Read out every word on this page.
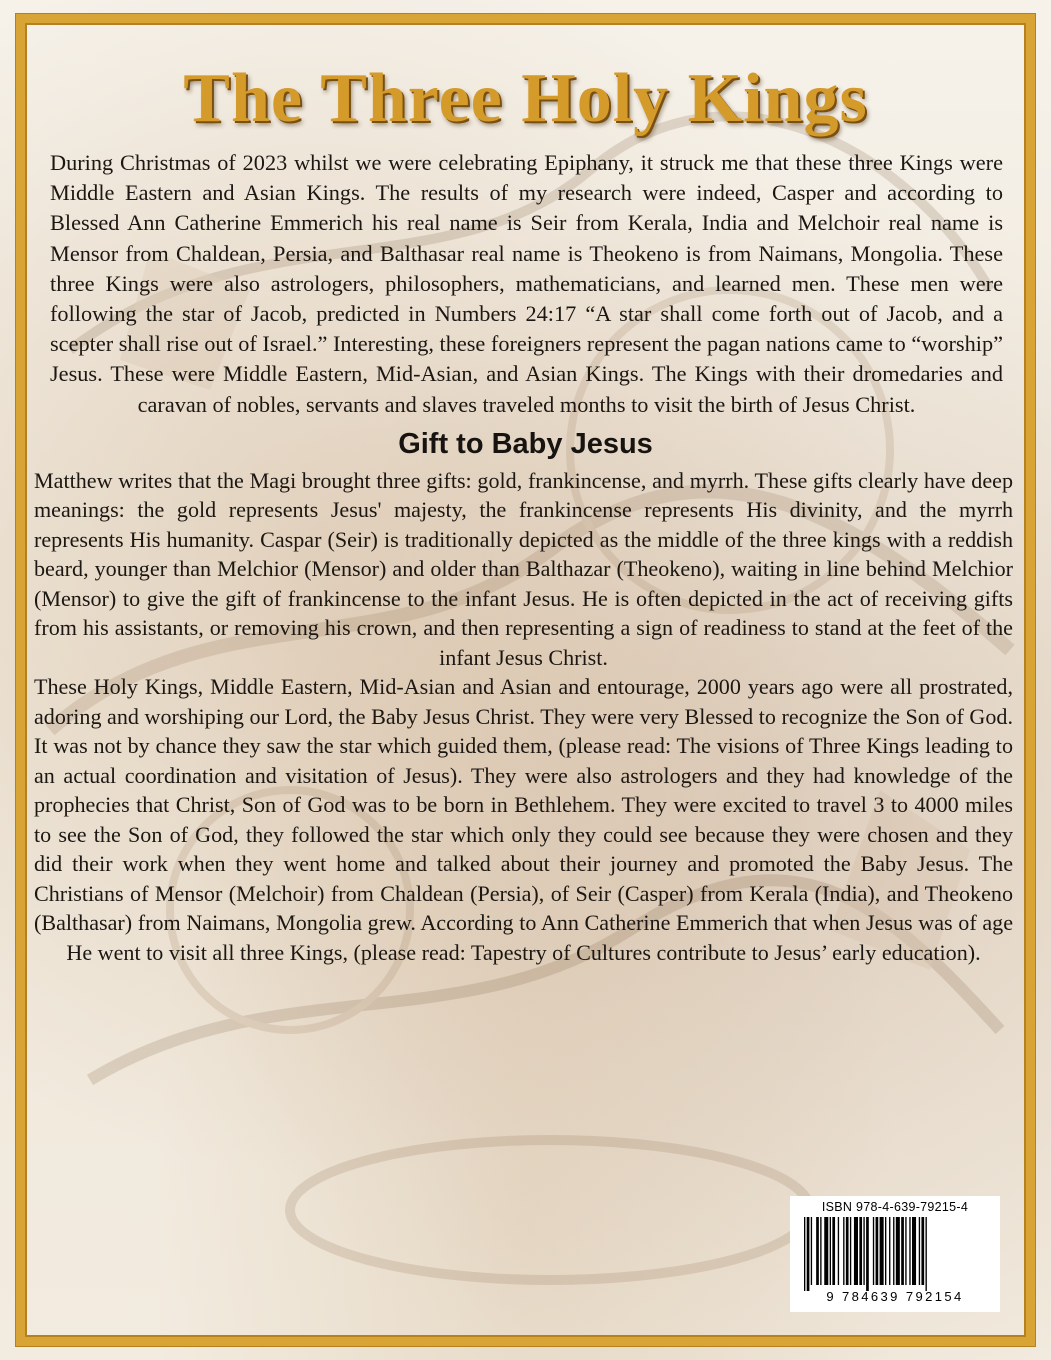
The Three Holy Kings

During Christmas of 2023 whilst we were celebrating Epiphany, it struck me that these three Kings were Middle Eastern and Asian Kings. The results of my research were indeed, Casper and according to Blessed Ann Catherine Emmerich his real name is Seir from Kerala, India and Melchoir real name is Mensor from Chaldean, Persia, and Balthasar real name is Theokeno is from Naimans, Mongolia. These three Kings were also astrologers, philosophers, mathematicians, and learned men. These men were following the star of Jacob, predicted in Numbers 24:17 “A star shall come forth out of Jacob, and a scepter shall rise out of Israel.” Interesting, these foreigners represent the pagan nations came to “worship” Jesus. These were Middle Eastern, Mid-Asian, and Asian Kings. The Kings with their dromedaries and caravan of nobles, servants and slaves traveled months to visit the birth of Jesus Christ.

Gift to Baby Jesus

Matthew writes that the Magi brought three gifts: gold, frankincense, and myrrh. These gifts clearly have deep meanings: the gold represents Jesus' majesty, the frankincense represents His divinity, and the myrrh represents His humanity. Caspar (Seir) is traditionally depicted as the middle of the three kings with a reddish beard, younger than Melchior (Mensor) and older than Balthazar (Theokeno), waiting in line behind Melchior (Mensor) to give the gift of frankincense to the infant Jesus. He is often depicted in the act of receiving gifts from his assistants, or removing his crown, and then representing a sign of readiness to stand at the feet of the infant Jesus Christ.

These Holy Kings, Middle Eastern, Mid-Asian and Asian and entourage, 2000 years ago were all prostrated, adoring and worshiping our Lord, the Baby Jesus Christ. They were very Blessed to recognize the Son of God. It was not by chance they saw the star which guided them, (please read: The visions of Three Kings leading to an actual coordination and visitation of Jesus). They were also astrologers and they had knowledge of the prophecies that Christ, Son of God was to be born in Bethlehem. They were excited to travel 3 to 4000 miles to see the Son of God, they followed the star which only they could see because they were chosen and they did their work when they went home and talked about their journey and promoted the Baby Jesus. The Christians of Mensor (Melchoir) from Chaldean (Persia), of Seir (Casper) from Kerala (India), and Theokeno (Balthasar) from Naimans, Mongolia grew. According to Ann Catherine Emmerich that when Jesus was of age He went to visit all three Kings, (please read: Tapestry of Cultures contribute to Jesus’ early education).

ISBN 978-4-639-79215-4
9 784639 792154
